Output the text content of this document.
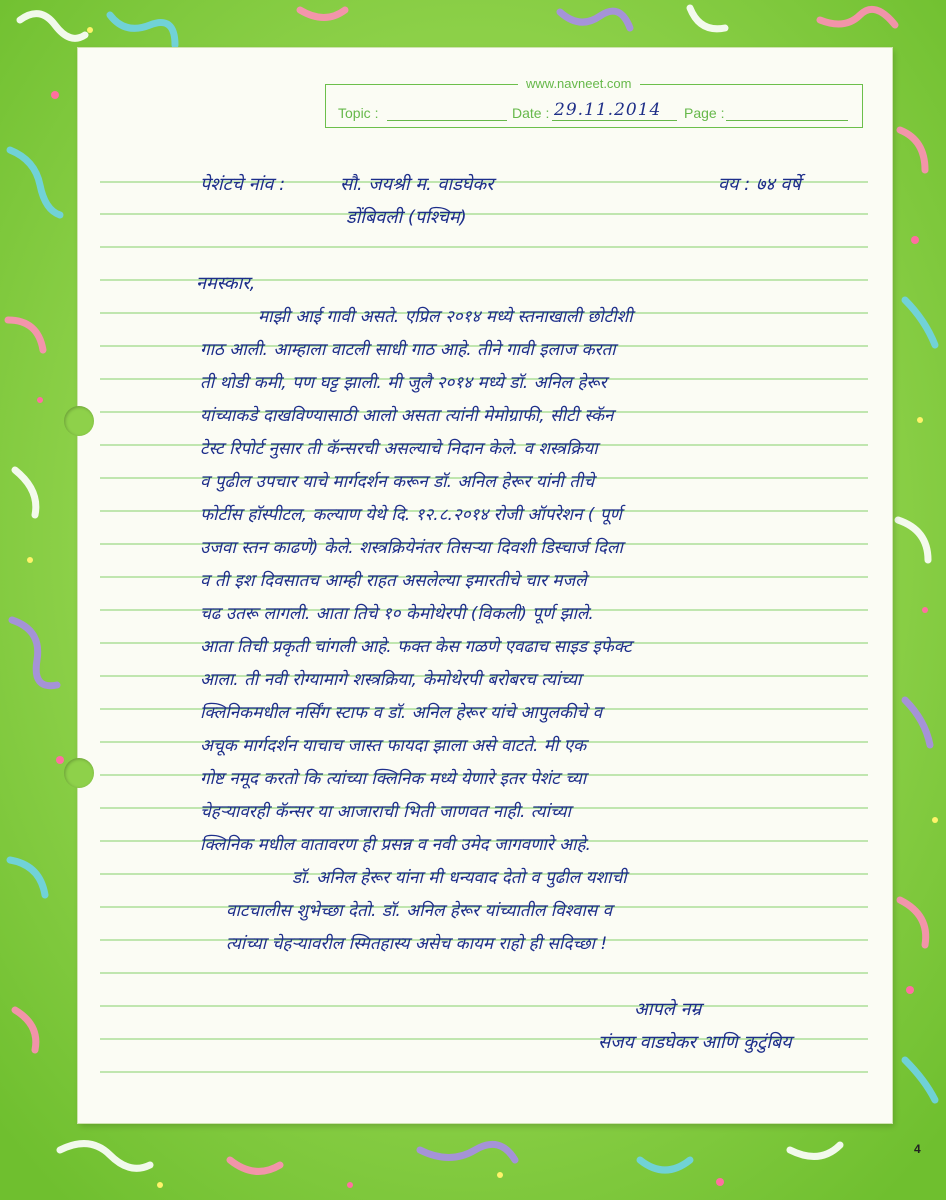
www.navneet.com
Topic :	Date : 29.11.2014 Page :
पेशंटचे नांव :	सौ. जयश्री म. वाडघेकर	वय : ७४ वर्षे
डोंबिवली (पश्चिम)
नमस्कार,
माझी आई गावी असते. एप्रिल २०१४ मध्ये स्तनाखाली छोटीशी
गाठ आली. आम्हाला वाटली साधी गाठ आहे. तीने गावी इलाज करता
ती थोडी कमी, पण घट्ट झाली. मी जुलै २०१४ मध्ये डॉ. अनिल हेरूर
यांच्याकडे दाखविण्यासाठी आलो असता त्यांनी मेमोग्राफी, सीटी स्कॅन
टेस्ट रिपोर्ट नुसार ती कॅन्सरची असल्याचे निदान केले. व शस्त्रक्रिया
व पुढील उपचार याचे मार्गदर्शन करून डॉ. अनिल हेरूर यांनी तीचे
फोर्टीस हॉस्पीटल, कल्याण येथे दि. १२.८.२०१४ रोजी ऑपरेशन ( पूर्ण
उजवा स्तन काढणे) केले. शस्त्रक्रियेनंतर तिसऱ्या दिवशी डिस्चार्ज दिला
व ती इश दिवसातच आम्ही राहत असलेल्या इमारतीचे चार मजले
चढ उतरू लागली. आता तिचे १० केमोथेरपी (विकली) पूर्ण झाले.
आता तिची प्रकृती चांगली आहे. फक्त केस गळणे एवढाच साइड इफेक्ट
आला. ती नवी रोग्यामागे शस्त्रक्रिया, केमोथेरपी बरोबरच त्यांच्या
क्लिनिकमधील नर्सिंग स्टाफ व डॉ. अनिल हेरूर यांचे आपुलकीचे व
अचूक मार्गदर्शन याचाच जास्त फायदा झाला असे वाटते. मी एक
गोष्ट नमूद करतो कि त्यांच्या क्लिनिक मध्ये येणारे इतर पेशंट च्या
चेहऱ्यावरही कॅन्सर या आजाराची भिती जाणवत नाही. त्यांच्या
क्लिनिक मधील वातावरण ही प्रसन्न व नवी उमेद जागवणारे आहे.
डॉ. अनिल हेरूर यांना मी धन्यवाद देतो व पुढील यशाची
वाटचालीस शुभेच्छा देतो. डॉ. अनिल हेरूर यांच्यातील विश्वास व
त्यांच्या चेहऱ्यावरील स्मितहास्य असेच कायम राहो ही सदिच्छा !
आपले नम्र
संजय वाडघेकर आणि कुटुंबिय
4
